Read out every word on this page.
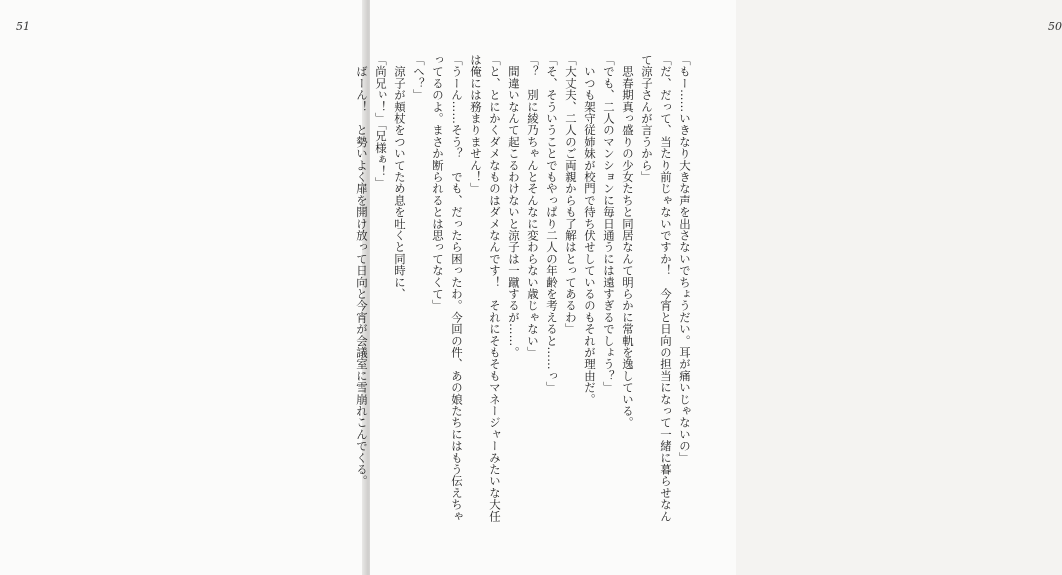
51	50
「もー……いきなり大きな声を出さないでちょうだい。耳が痛いじゃないの」
「だ、だって、当たり前じゃないですか！　今宵と日向の担当になって一緒に暮らせなん
て涼子さんが言うから」
　思春期真っ盛りの少女たちと同居なんて明らかに常軌を逸している。
「でも、二人のマンションに毎日通うには遠すぎるでしょう？」
　いつも架守従姉妹が校門で待ち伏せしているのもそれが理由だ。
「大丈夫、二人のご両親からも了解はとってあるわ」
「そ、そういうことでもやっぱり二人の年齢を考えると……っ」
「？　別に綾乃ちゃんとそんなに変わらない歳じゃない」
　間違いなんて起こるわけないと涼子は一蹴するが……。
「と、とにかくダメなものはダメなんです！　それにそもそもマネージャーみたいな大任
は俺には務まりません！」
「うーん……そう？　でも、だったら困ったわ。今回の件、あの娘たちにはもう伝えちゃ
ってるのよ。まさか断られるとは思ってなくて」
「へ？」
　涼子が頬杖をついてため息を吐くと同時に、
「尚兄ぃ！」「兄様ぁ！」
　ばーん！　と勢いよく扉を開け放って日向と今宵が会議室に雪崩れこんでくる。
